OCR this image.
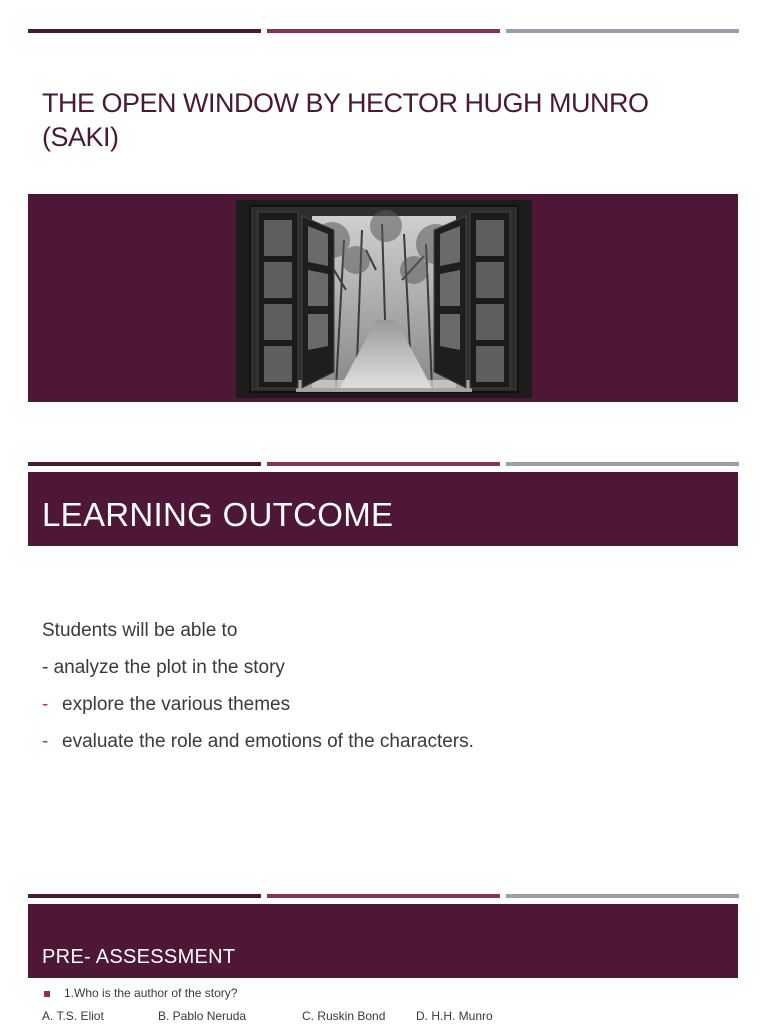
THE OPEN WINDOW BY HECTOR HUGH MUNRO (SAKI)
LEARNING OUTCOME
Students will be able to
- analyze the plot in the story
- explore the various themes
- evaluate the role and emotions of the characters.
PRE- ASSESSMENT
1.Who is the author of the story?
A. T.S. Eliot	B. Pablo Neruda	C. Ruskin Bond	D. H.H. Munro
